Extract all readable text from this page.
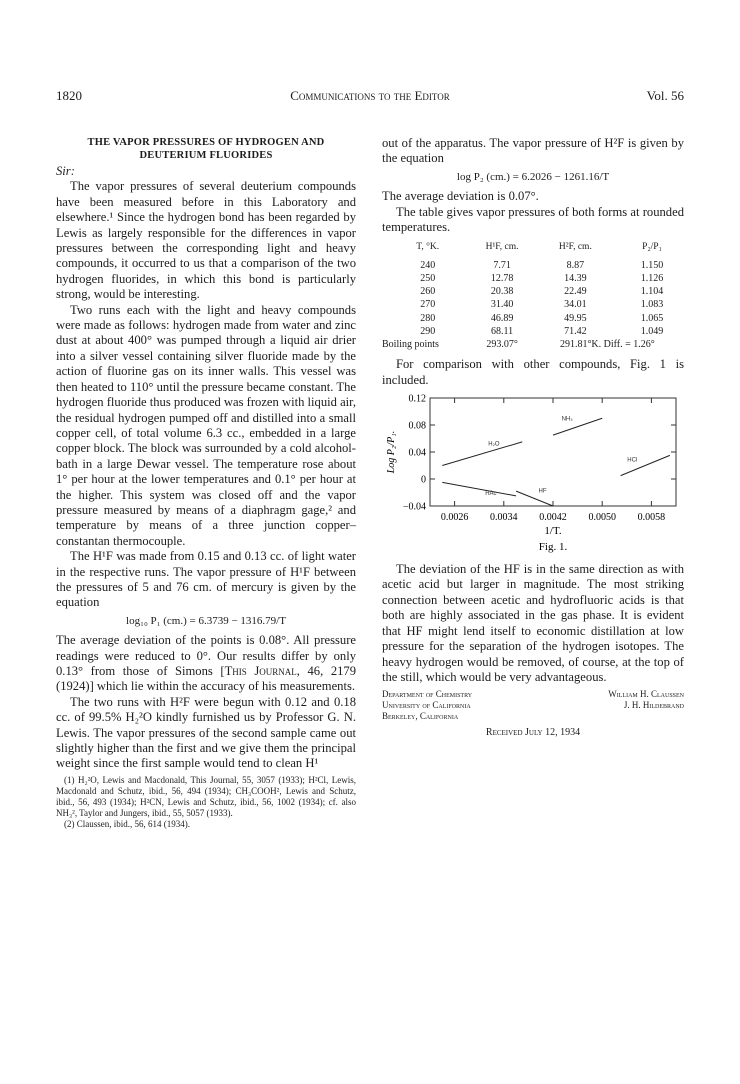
1820	Communications to the Editor	Vol. 56
THE VAPOR PRESSURES OF HYDROGEN AND DEUTERIUM FLUORIDES
Sir:

The vapor pressures of several deuterium compounds have been measured before in this Laboratory and elsewhere.¹ Since the hydrogen bond has been regarded by Lewis as largely responsible for the differences in vapor pressures between the corresponding light and heavy compounds, it occurred to us that a comparison of the two hydrogen fluorides, in which this bond is particularly strong, would be interesting.

Two runs each with the light and heavy compounds were made as follows: hydrogen made from water and zinc dust at about 400° was pumped through a liquid air drier into a silver vessel containing silver fluoride made by the action of fluorine gas on its inner walls. This vessel was then heated to 110° until the pressure became constant. The hydrogen fluoride thus produced was frozen with liquid air, the residual hydrogen pumped off and distilled into a small copper cell, of total volume 6.3 cc., embedded in a large copper block. The block was surrounded by a cold alcohol-bath in a large Dewar vessel. The temperature rose about 1° per hour at the lower temperatures and 0.1° per hour at the higher. This system was closed off and the vapor pressure measured by means of a diaphragm gage,² and temperature by means of a three junction copper–constantan thermocouple.

The H¹F was made from 0.15 and 0.13 cc. of light water in the respective runs. The vapor pressure of H¹F between the pressures of 5 and 76 cm. of mercury is given by the equation

log₁₀ P₁ (cm.) = 6.3739 − 1316.79/T

The average deviation of the points is 0.08°. All pressure readings were reduced to 0°. Our results differ by only 0.13° from those of Simons [This Journal, 46, 2179 (1924)] which lie within the accuracy of his measurements.

The two runs with H²F were begun with 0.12 and 0.18 cc. of 99.5% H₂²O kindly furnished us by Professor G. N. Lewis. The vapor pressures of the second sample came out slightly higher than the first and we give them the principal weight since the first sample would tend to clean H¹

(1) H₂²O, Lewis and Macdonald, This Journal, 55, 3057 (1933); H²Cl, Lewis, Macdonald and Schutz, ibid., 56, 494 (1934); CH₃COOH², Lewis and Schutz, ibid., 56, 493 (1934); H²CN, Lewis and Schutz, ibid., 56, 1002 (1934); cf. also NH₃², Taylor and Jungers, ibid., 55, 5057 (1933).
(2) Claussen, ibid., 56, 614 (1934).

out of the apparatus. The vapor pressure of H²F is given by the equation

log P₂ (cm.) = 6.2026 − 1261.16/T

The average deviation is 0.07°.

The table gives vapor pressures of both forms at rounded temperatures.

T, °K.	H¹F, cm.	H²F, cm.	P₂/P₁
240	7.71	8.87	1.150
250	12.78	14.39	1.126
260	20.38	22.49	1.104
270	31.40	34.01	1.083
280	46.89	49.95	1.065
290	68.11	71.42	1.049
Boiling points	293.07°	291.81°K. Diff. = 1.26°	

For comparison with other compounds, Fig. 1 is included.

0.0026 0.0034 0.0042 0.0050 0.0058
0.12
0.08
0.04
0
−0.04
H₂O
NH₃
HCl
HAc	HF
1/T.
Log P₂/P₁.
Fig. 1.

The deviation of the HF is in the same direction as with acetic acid but larger in magnitude. The most striking connection between acetic and hydrofluoric acids is that both are highly associated in the gas phase. It is evident that HF might lend itself to economic distillation at low pressure for the separation of the hydrogen isotopes. The heavy hydrogen would be removed, of course, at the top of the still, which would be very advantageous.

Department of Chemistry	William H. Claussen
University of California	J. H. Hildebrand
Berkeley, California
Received July 12, 1934
